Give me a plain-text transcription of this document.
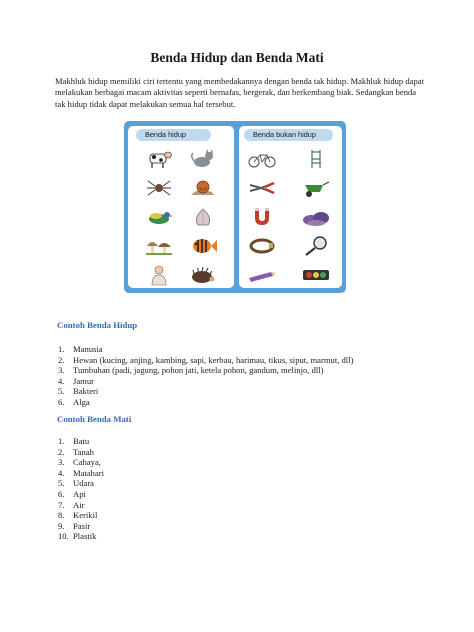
Benda Hidup dan Benda Mati

Makhluk hidup memiliki ciri tertentu yang membedakannya dengan benda tak hidup. Makhluk hidup dapat melakukan berbagai macam aktivitas seperti bernafas, bergerak, dan berkembang biak. Sedangkan benda tak hidup tidak dapat melakukan semua hal tersebut.

Benda hidup	Benda bukan hidup
Contoh Benda Hidup
1. Manusia
2. Hewan (kucing, anjing, kambing, sapi, kerbau, harimau, tikus, siput, marmut, dll)
3. Tumbuhan (padi, jagung, pohon jati, ketela pohon, gandum, melinjo, dll)
4. Jamur
5. Bakteri
6. Alga
Contoh Benda Mati
1. Batu
2. Tanah
3. Cahaya,
4. Matahari
5. Udara
6. Api
7. Air
8. Kerikil
9. Pasir
10. Plastik
